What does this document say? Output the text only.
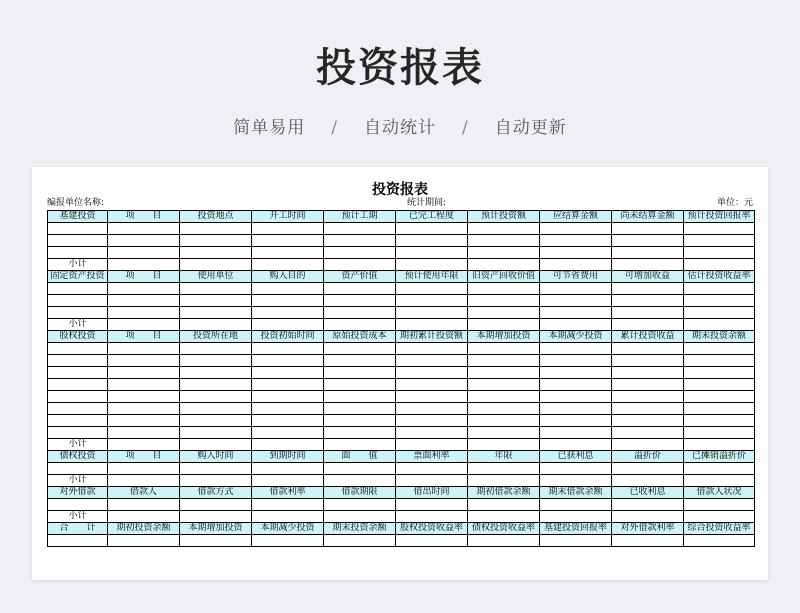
投资报表
简单易用 / 自动统计 / 自动更新
投资报表
编报单位名称:	统计期间:	单位：元
基建投资	项　　目	投资地点	开工时间	预计工期	已完工程度	预计投资额	应结算金额	尚未结算金额	预计投资回报率

小计									
固定资产投资	项　　目	使用单位	购入目的	资产价值	预计使用年限	旧资产回收价值	可节省费用	可增加收益	估计投资收益率

小计									
股权投资	项　　目	投资所在地	投资初始时间	原始投资成本	期初累计投资额	本期增加投资	本期减少投资	累计投资收益	期末投资余额

小计									
债权投资	项　　目	购入时间	到期时间	面　　值	票面利率	年限	已获利息	溢折价	已摊销溢折价

小计									
对外借款	借款人	借款方式	借款利率	借款期限	借出时间	期初借款余额	期末借款余额	已收利息	借款人状况

小计									
合　　计	期初投资余额	本期增加投资	本期减少投资	期末投资余额	股权投资收益率	债权投资收益率	基建投资回报率	对外借款利率	综合投资收益率
